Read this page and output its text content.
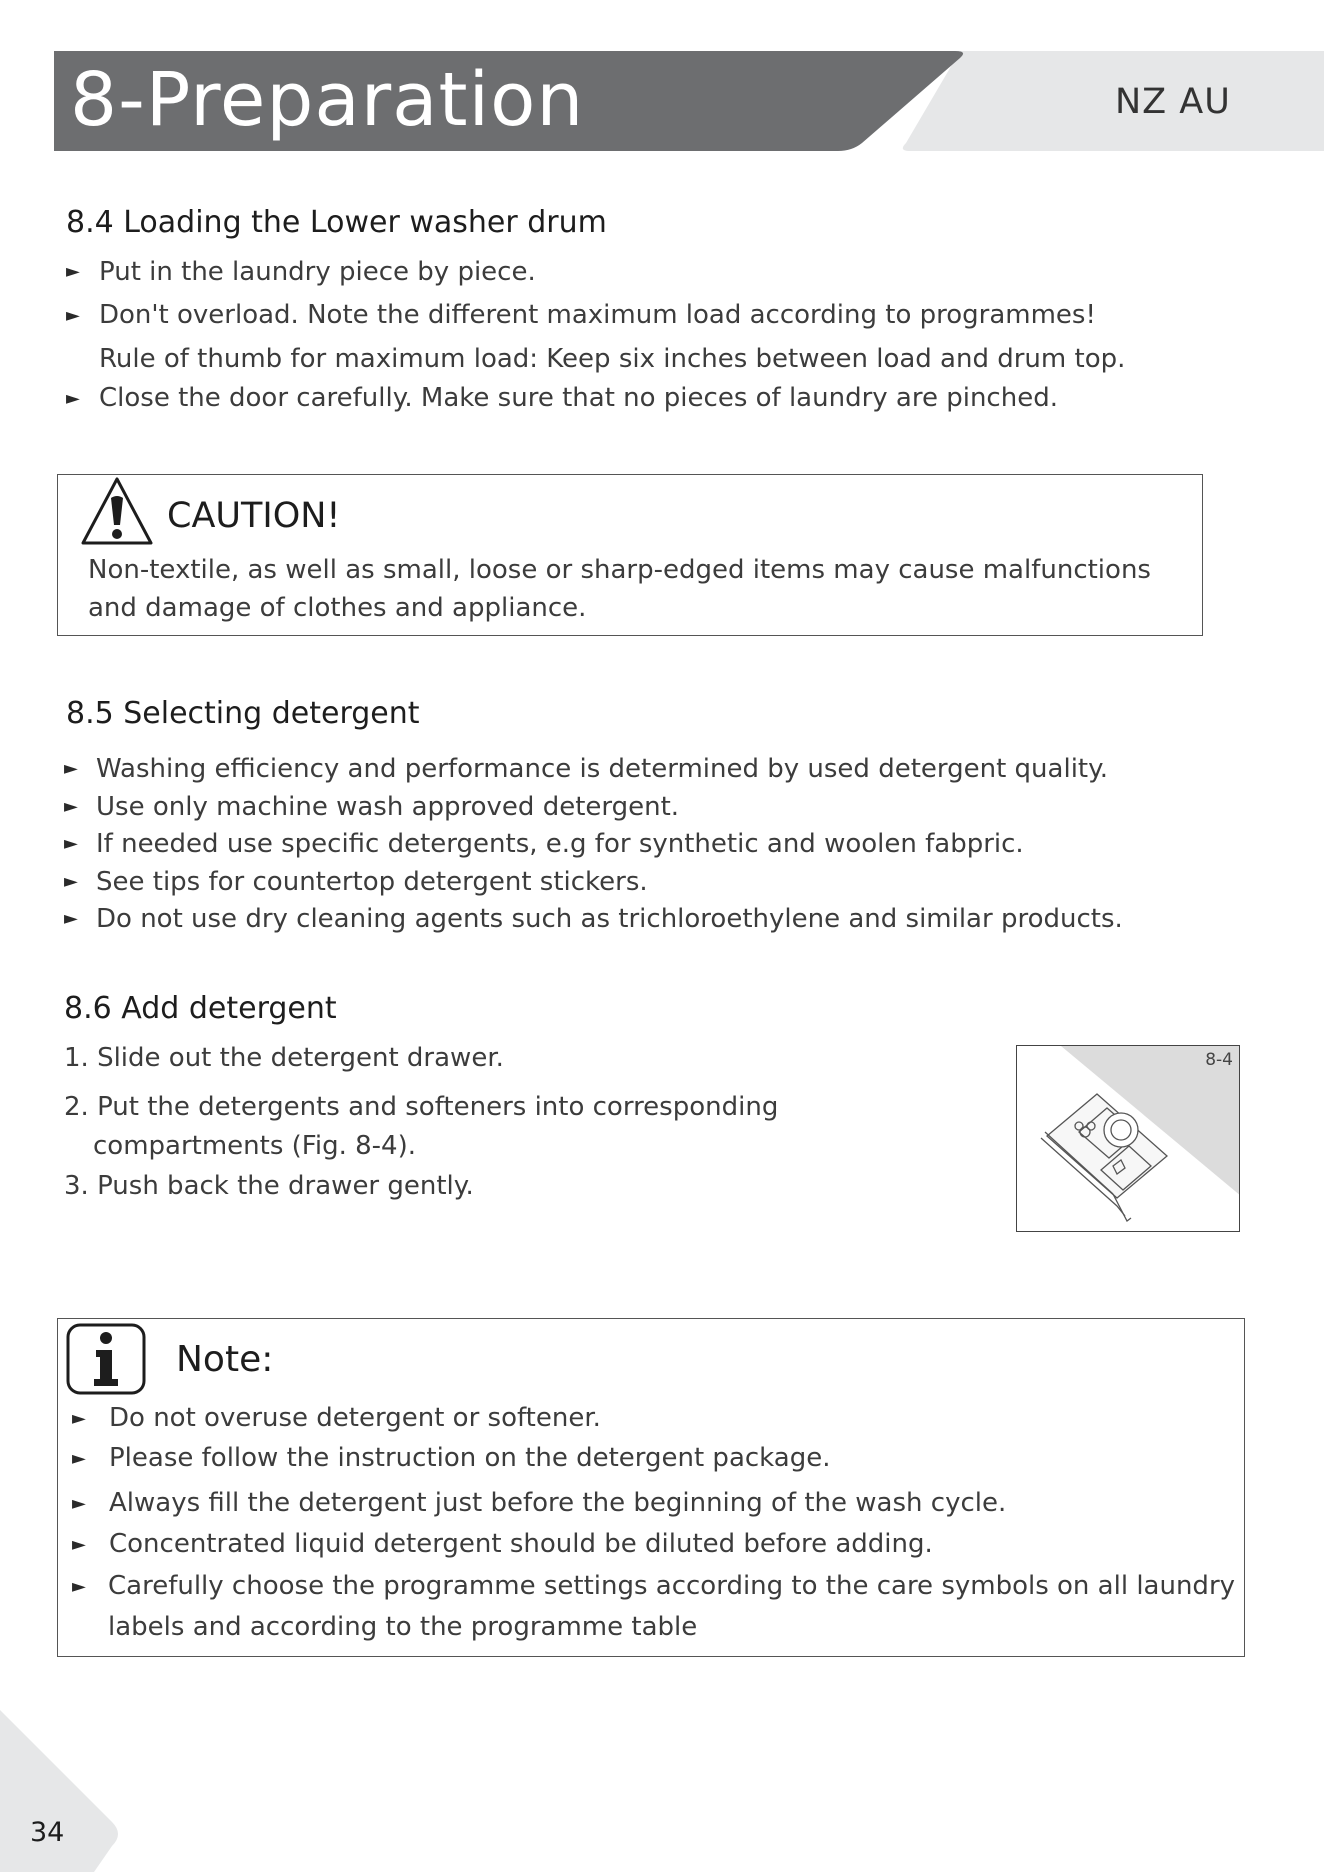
8-Preparation	NZ AU
8.4 Loading the Lower washer drum
► Put in the laundry piece by piece.
► Don't overload. Note the different maximum load according to programmes!
Rule of thumb for maximum load: Keep six inches between load and drum top.
► Close the door carefully. Make sure that no pieces of laundry are pinched.
CAUTION!
Non-textile, as well as small, loose or sharp-edged items may cause malfunctions
and damage of clothes and appliance.
8.5 Selecting detergent
► Washing efficiency and performance is determined by used detergent quality.
► Use only machine wash approved detergent.
► If needed use specific detergents, e.g for synthetic and woolen fabpric.
► See tips for countertop detergent stickers.
► Do not use dry cleaning agents such as trichloroethylene and similar products.
8.6 Add detergent
1. Slide out the detergent drawer.
2. Put the detergents and softeners into corresponding
compartments (Fig. 8-4).
3. Push back the drawer gently.
8-4
Note:
► Do not overuse detergent or softener.
► Please follow the instruction on the detergent package.
► Always fill the detergent just before the beginning of the wash cycle.
► Concentrated liquid detergent should be diluted before adding.
► Carefully choose the programme settings according to the care symbols on all laundry
labels and according to the programme table
34
